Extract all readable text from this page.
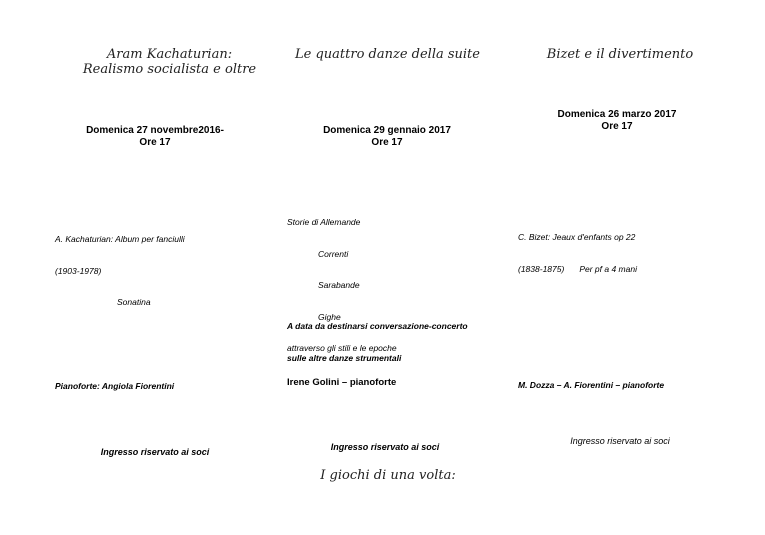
Aram Kachaturian:
Realismo socialista e oltre
Domenica 27 novembre2016-
Ore 17

A. Kachaturian: Album per fanciulli

(1903-1978)

Sonatina

Pianoforte: Angiola Fiorentini
Ingresso riservato ai soci
Le quattro danze della suite
Domenica 29 gennaio 2017
Ore 17

Storie di Allemande

Correnti

Sarabande

Gighe

attraverso gli stili e le epoche

A data da destinarsi conversazione-concerto

sulle altre danze strumentali

Irene Golini – pianoforte
Ingresso riservato ai soci
I giochi di una volta:
Bizet e il divertimento
Domenica 26 marzo 2017
Ore 17

C. Bizet: Jeaux d'enfants op 22

(1838-1875) Per pf a 4 mani

M. Dozza – A. Fiorentini – pianoforte
Ingresso riservato ai soci
